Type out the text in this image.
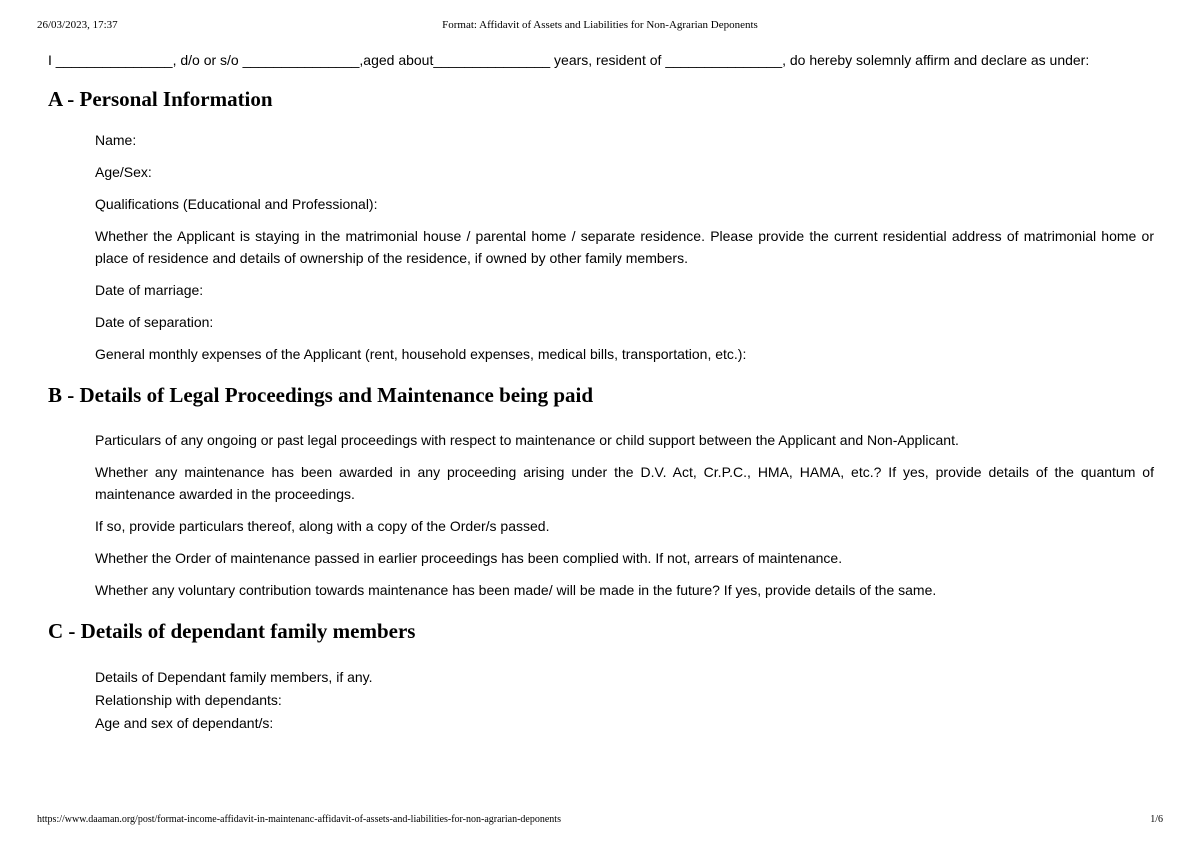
26/03/2023, 17:37	Format: Affidavit of Assets and Liabilities for Non-Agrarian Deponents

I _______________, d/o or s/o _______________,aged about_______________ years, resident of _______________, do hereby solemnly affirm and declare as under:

A - Personal Information

Name:

Age/Sex:

Qualifications (Educational and Professional):

Whether the Applicant is staying in the matrimonial house / parental home / separate residence. Please provide the current residential address of matrimonial home or place of residence and details of ownership of the residence, if owned by other family members.

Date of marriage:

Date of separation:

General monthly expenses of the Applicant (rent, household expenses, medical bills, transportation, etc.):

B - Details of Legal Proceedings and Maintenance being paid

Particulars of any ongoing or past legal proceedings with respect to maintenance or child support between the Applicant and Non-Applicant.

Whether any maintenance has been awarded in any proceeding arising under the D.V. Act, Cr.P.C., HMA, HAMA, etc.? If yes, provide details of the quantum of maintenance awarded in the proceedings.

If so, provide particulars thereof, along with a copy of the Order/s passed.

Whether the Order of maintenance passed in earlier proceedings has been complied with. If not, arrears of maintenance.

Whether any voluntary contribution towards maintenance has been made/ will be made in the future? If yes, provide details of the same.

C - Details of dependant family members

Details of Dependant family members, if any.

Relationship with dependants:

Age and sex of dependant/s:

https://www.daaman.org/post/format-income-affidavit-in-maintenanc-affidavit-of-assets-and-liabilities-for-non-agrarian-deponents	1/6
